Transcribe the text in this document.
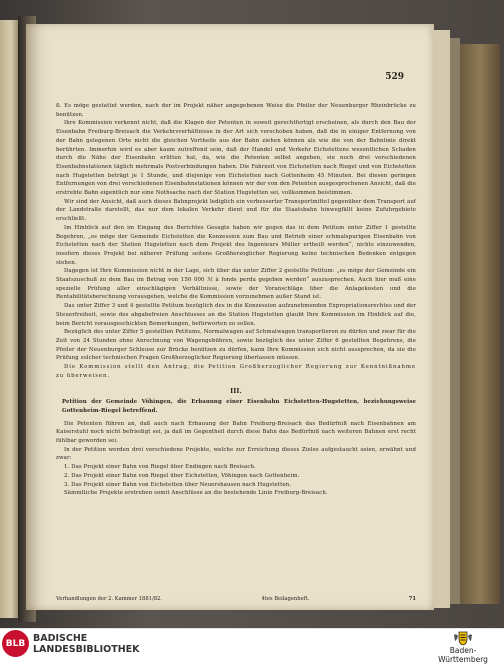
529

ß. Es möge gestattet werden, nach der im Projekt näher angegebenen Weise die Pfeiler der Neuenburger Rheinbrücke zu benützen.

Ihre Kommission verkennt nicht, daß die Klagen der Petenten in soweit gerechtfertigt erscheinen, als durch den Bau der Eisenbahn Freiburg-Breisach die Verkehrsverhältnisse in der Art sich verschoben haben, daß die in einiger Entfernung von der Bahn gelegenen Orte nicht die gleichen Vortheile aus der Bahn ziehen können als wie die von der Bahnlinie direkt berührten. Immerhin wird es aber kaum zutreffend sein, daß der Handel und Verkehr Eichstettens wesentlichen Schaden durch die Nähe der Eisenbahn erlitten hat, da, wie die Petenten selbst angeben, sie noch drei verschiedenen Eisenbahnstationen täglich mehrmals Postverbindungen haben. Die Fahrzeit von Eichstetten nach Riegel und von Eichstetten nach Hugstetten beträgt je 1 Stunde, und diejenige von Eichstetten nach Gottenheim 45 Minuten. Bei diesen geringen Entfernungen von drei verschiedenen Eisenbahnstationen können wir der von den Petenten ausgesprochenen Ansicht, daß die erstrebte Bahn eigentlich nur eine Nothsache nach der Station Hugstetten sei, vollkommen beistimmen.

Wir sind der Ansicht, daß auch dieses Bahnprojekt lediglich ein verbesserter Transportmittel gegenüber dem Transport auf der Landstraße darstellt, das nur dem lokalen Verkehr dient und für die Staatsbahn hinwegfällt keine Zufuhrgebiete erschließt.

Im Hinblick auf den im Eingang des Berichtes Gesagte haben wir gegen das in dem Petitum unter Ziffer 1 gestellte Begehren, „es möge der Gemeinde Eichstetten die Konzession zum Bau und Betrieb einer schmalspurigen Eisenbahn von Eichstetten nach der Station Hugstetten nach dem Projekt des Ingenieurs Müller ertheilt werden“, nichts einzuwenden, insofern dieses Projekt bei näherer Prüfung seitens Großherzoglicher Regierung keine technischen Bedenken entgegen stehen.

Dagegen ist Ihre Kommission nicht in der Lage, sich über das unter Ziffer 2 gestellte Petitum: „es möge der Gemeinde ein Staatszuschuß zu dem Bau im Betrag von 150 000 ℳ à fonds perdu gegeben werden“ auszusprechen. Auch hier muß eine spezielle Prüfung aller einschlägigen Verhältnisse, sowie der Voranschläge über die Anlagekosten und die Rentabilitätsberechnung vorausgehen, welche die Kommission vorzunehmen außer Stand ist.

Das unter Ziffer 3 und 4 gestellte Petitum bezüglich des in die Konzession aufzunehmenden Expropriationsrechtes und der Steuerfreiheit, sowie des abgabefreien Anschlusses an die Station Hugstetten glaubt Ihre Kommission im Hinblick auf die, beim Bericht vorausgeschickten Bemerkungen, befürworten zu sollen.

Bezüglich des unter Ziffer 5 gestellten Petitums, Normalwagen auf Schmalwagen transportieren zu dürfen und zwar für die Zeit von 24 Stunden ohne Anrechnung von Wagengebühren, sowie bezüglich des unter Ziffer 6 gestellten Begehrens, die Pfeiler der Neuenburger Schleuse zur Brücke benützen zu dürfen, kann Ihre Kommission sich nicht aussprechen, da sie die Prüfung solcher technischen Fragen Großherzoglicher Regierung überlassen müssen.

Die Kommission stellt den Antrag, die Petition Großherzoglicher Regierung zur Kenntnißnahme zu überweisen.

III.

Petition der Gemeinde Vöhingen, die Erbauung einer Eisenbahn Eichstetten-Hugstetten, beziehungsweise Gottenheim-Riegel betreffend.

Die Petenten führen an, daß auch nach Erbauung der Bahn Freiburg-Breisach das Bedürfniß nach Eisenbahnen am Kaiserstuhl noch nicht befriedigt sei, ja daß im Gegentheil durch diese Bahn das Bedürfniß nach weiteren Bahnen erst recht fühlbar geworden sei.

In der Petition werden drei verschiedene Projekte, welche zur Erreichung dieses Zieles aufgestaucht seien, erwähnt und zwar:

1. Das Projekt einer Bahn von Riegel über Endingen nach Breisach.

2. Das Projekt einer Bahn von Riegel über Eichstetten, Vöhingen nach Gottenheim.

3. Das Projekt einer Bahn von Eichstetten über Neuershausen nach Hugstetten.

Sämmtliche Projekte erstreben somit Anschlüsse an die bestehende Linie Freiburg-Breisach.

Verhandlungen der 2. Kammer 1881/82.	4tes Beilagenheft.	71
BLB BADISCHE
LANDESBIBLIOTHEK	Baden-Württemberg
